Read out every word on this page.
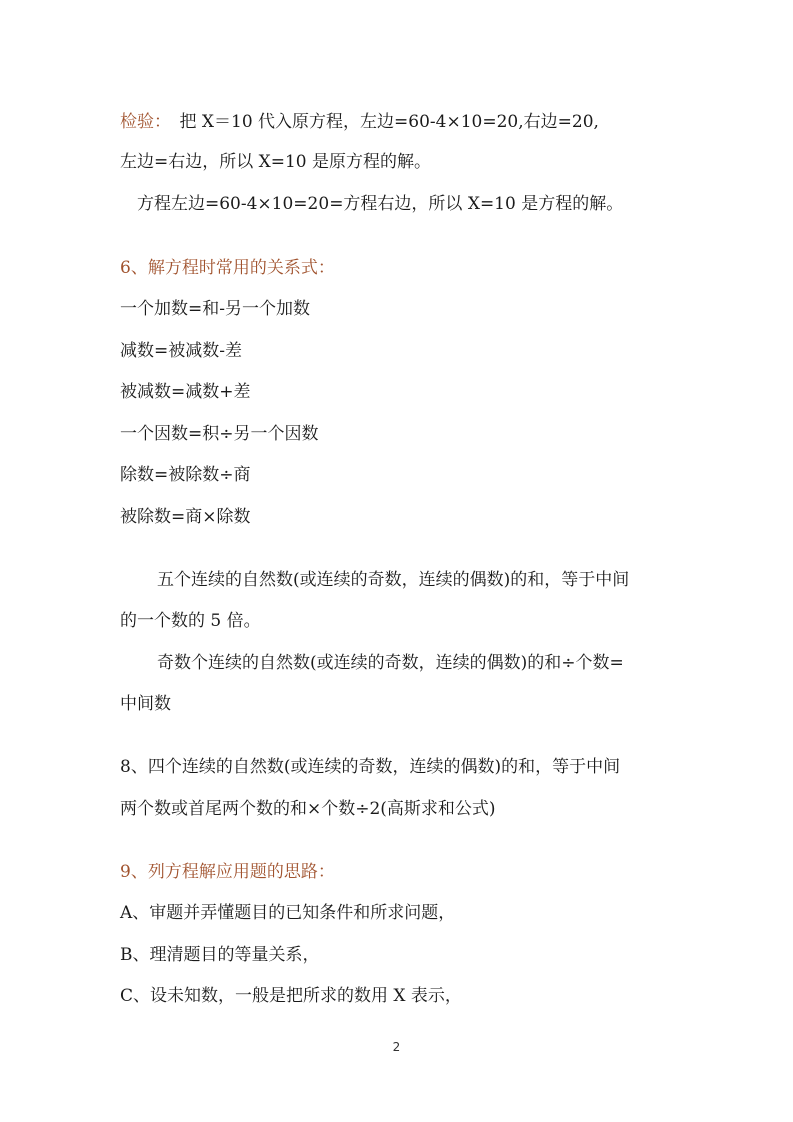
检验：　把 X＝10 代入原方程，左边=60-4×10=20,右边=20,
左边=右边，所以 X=10 是原方程的解。
方程左边=60-4×10=20=方程右边，所以 X=10 是方程的解。
6、解方程时常用的关系式：
一个加数=和-另一个加数
减数=被减数-差
被减数=减数+差
一个因数=积÷另一个因数
除数=被除数÷商
被除数=商×除数
五个连续的自然数(或连续的奇数，连续的偶数)的和，等于中间
的一个数的 5 倍。
奇数个连续的自然数(或连续的奇数，连续的偶数)的和÷个数=
中间数
8、四个连续的自然数(或连续的奇数，连续的偶数)的和，等于中间
两个数或首尾两个数的和×个数÷2(高斯求和公式)
9、列方程解应用题的思路：
A、审题并弄懂题目的已知条件和所求问题，
B、理清题目的等量关系，
C、设未知数，一般是把所求的数用 X 表示，
2
